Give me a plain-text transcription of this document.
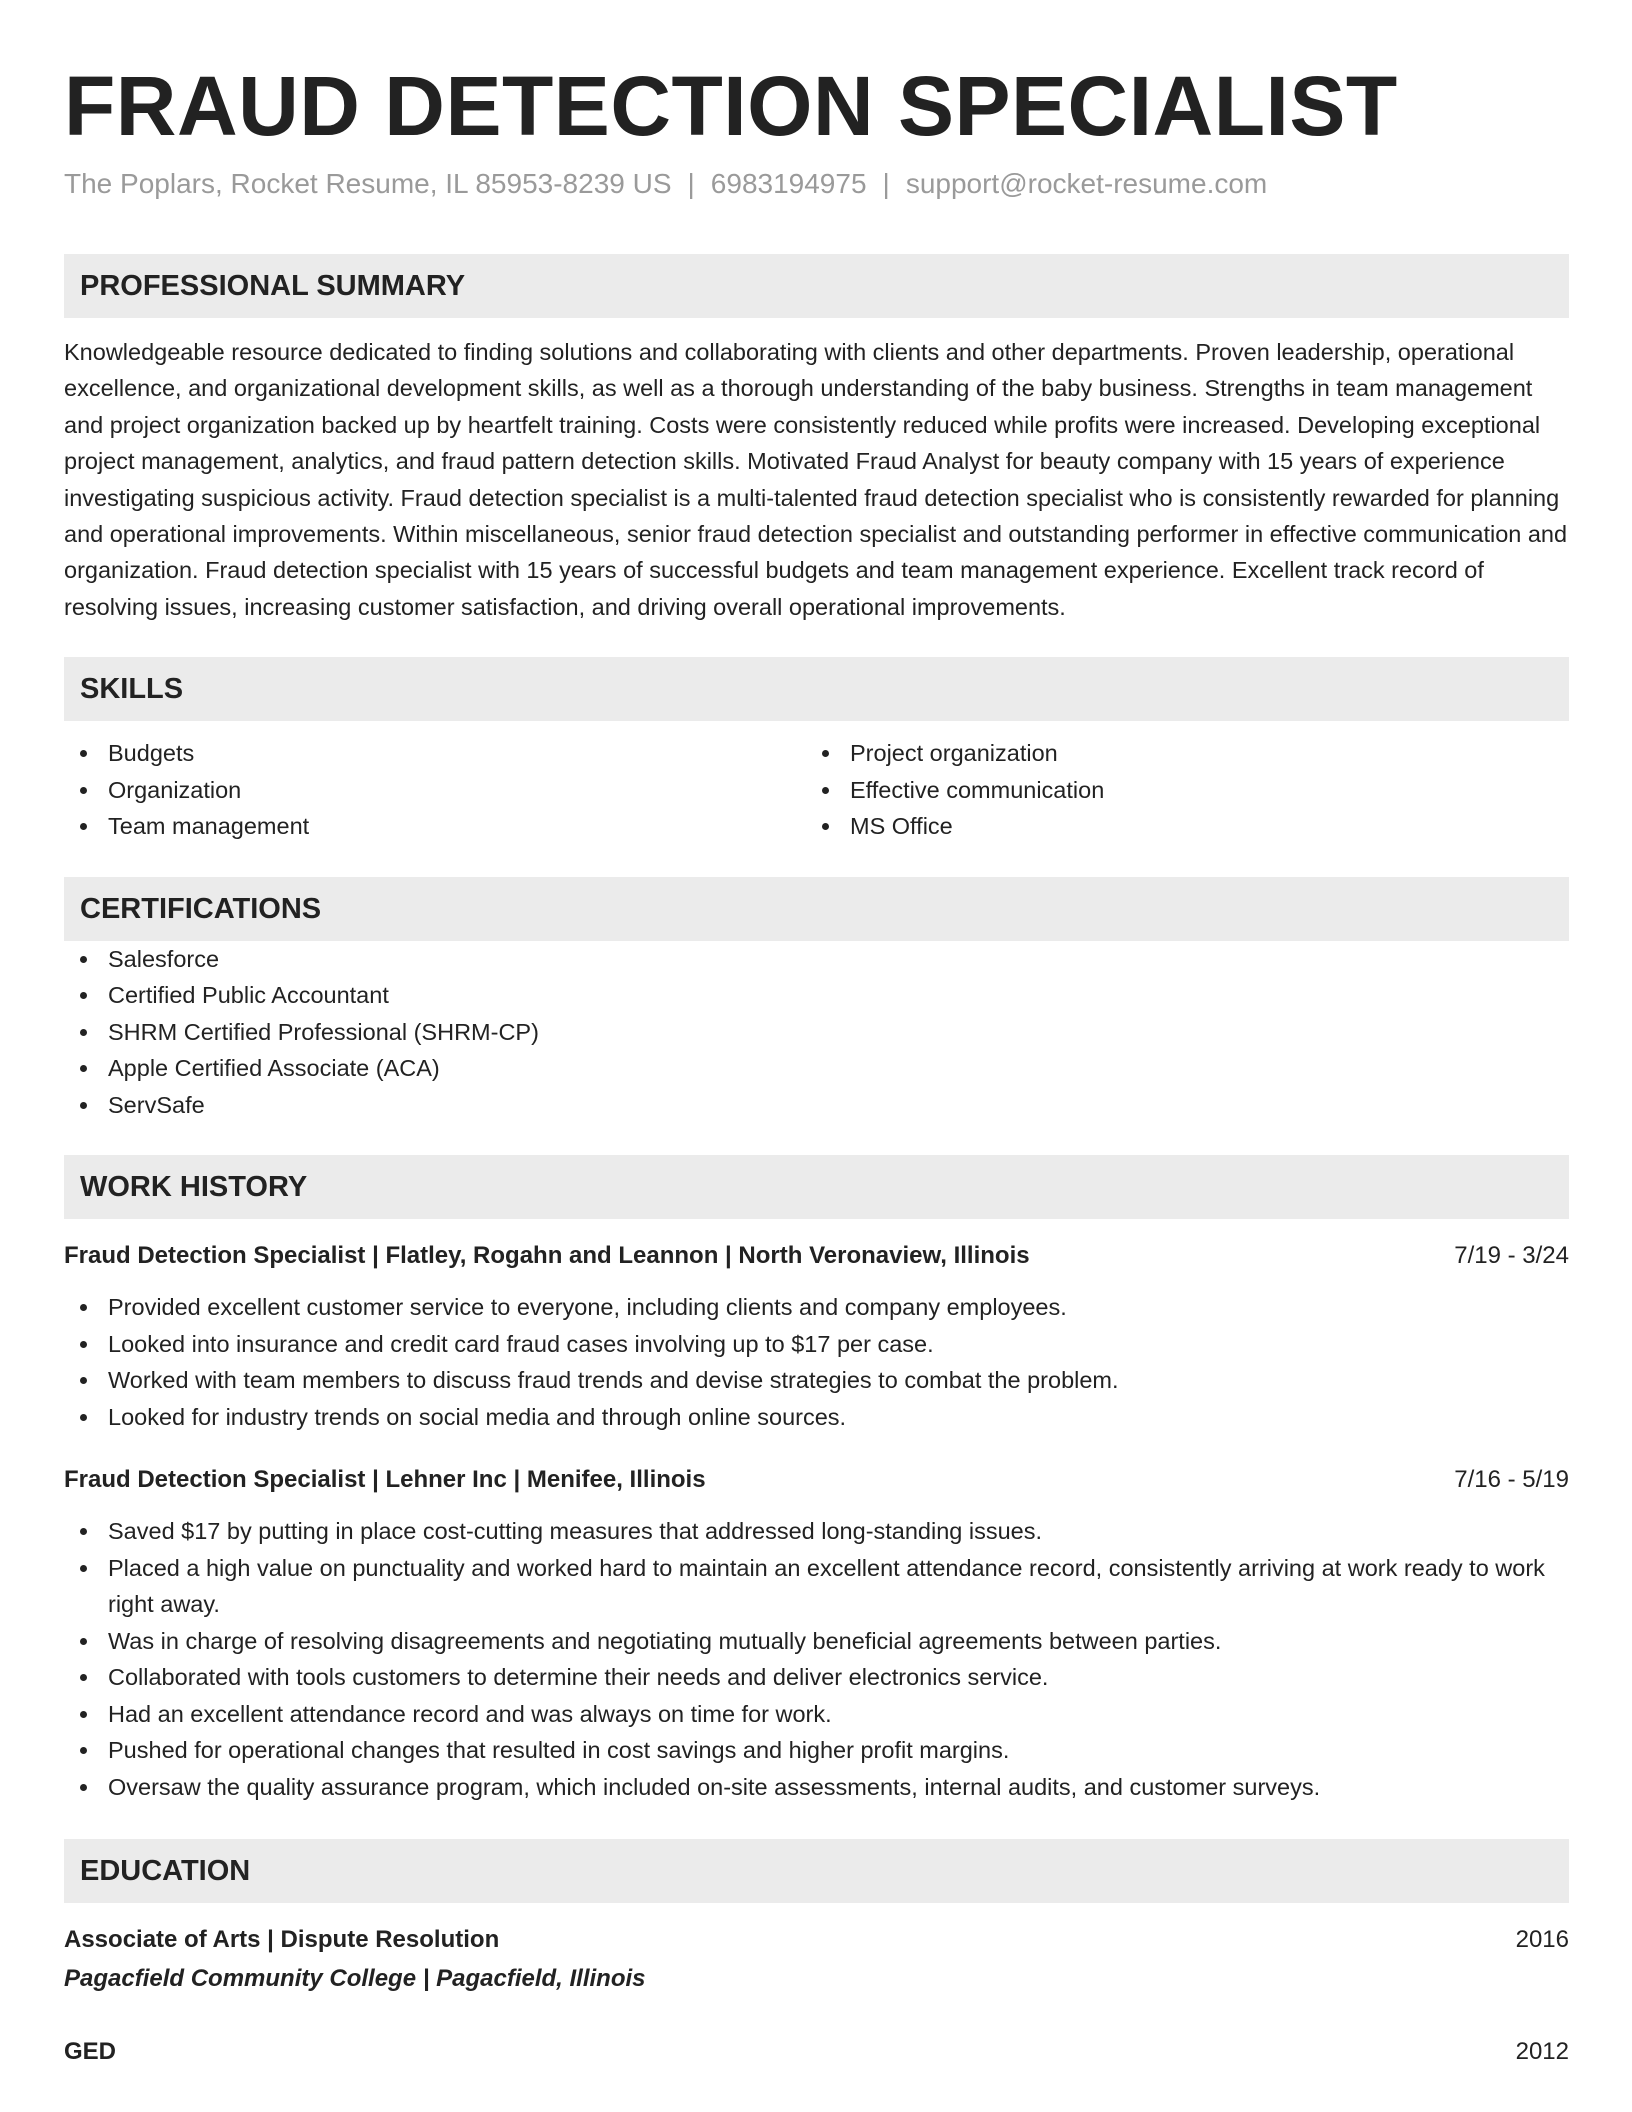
FRAUD DETECTION SPECIALIST
The Poplars, Rocket Resume, IL 85953-8239 US | 6983194975 | support@rocket-resume.com
PROFESSIONAL SUMMARY

Knowledgeable resource dedicated to finding solutions and collaborating with clients and other departments. Proven leadership, operational excellence, and organizational development skills, as well as a thorough understanding of the baby business. Strengths in team management and project organization backed up by heartfelt training. Costs were consistently reduced while profits were increased. Developing exceptional project management, analytics, and fraud pattern detection skills. Motivated Fraud Analyst for beauty company with 15 years of experience investigating suspicious activity. Fraud detection specialist is a multi-talented fraud detection specialist who is consistently rewarded for planning and operational improvements. Within miscellaneous, senior fraud detection specialist and outstanding performer in effective communication and organization. Fraud detection specialist with 15 years of successful budgets and team management experience. Excellent track record of resolving issues, increasing customer satisfaction, and driving overall operational improvements.

SKILLS
Budgets
Organization
Team management
Project organization
Effective communication
MS Office
CERTIFICATIONS
Salesforce
Certified Public Accountant
SHRM Certified Professional (SHRM-CP)
Apple Certified Associate (ACA)
ServSafe
WORK HISTORY
Fraud Detection Specialist | Flatley, Rogahn and Leannon | North Veronaview, Illinois	7/19 - 3/24
Provided excellent customer service to everyone, including clients and company employees.
Looked into insurance and credit card fraud cases involving up to $17 per case.
Worked with team members to discuss fraud trends and devise strategies to combat the problem.
Looked for industry trends on social media and through online sources.
Fraud Detection Specialist | Lehner Inc | Menifee, Illinois	7/16 - 5/19
Saved $17 by putting in place cost-cutting measures that addressed long-standing issues.
Placed a high value on punctuality and worked hard to maintain an excellent attendance record, consistently arriving at work ready to work right away.
Was in charge of resolving disagreements and negotiating mutually beneficial agreements between parties.
Collaborated with tools customers to determine their needs and deliver electronics service.
Had an excellent attendance record and was always on time for work.
Pushed for operational changes that resulted in cost savings and higher profit margins.
Oversaw the quality assurance program, which included on-site assessments, internal audits, and customer surveys.
EDUCATION
Associate of Arts | Dispute Resolution	2016
Pagacfield Community College | Pagacfield, Illinois
GED	2012
